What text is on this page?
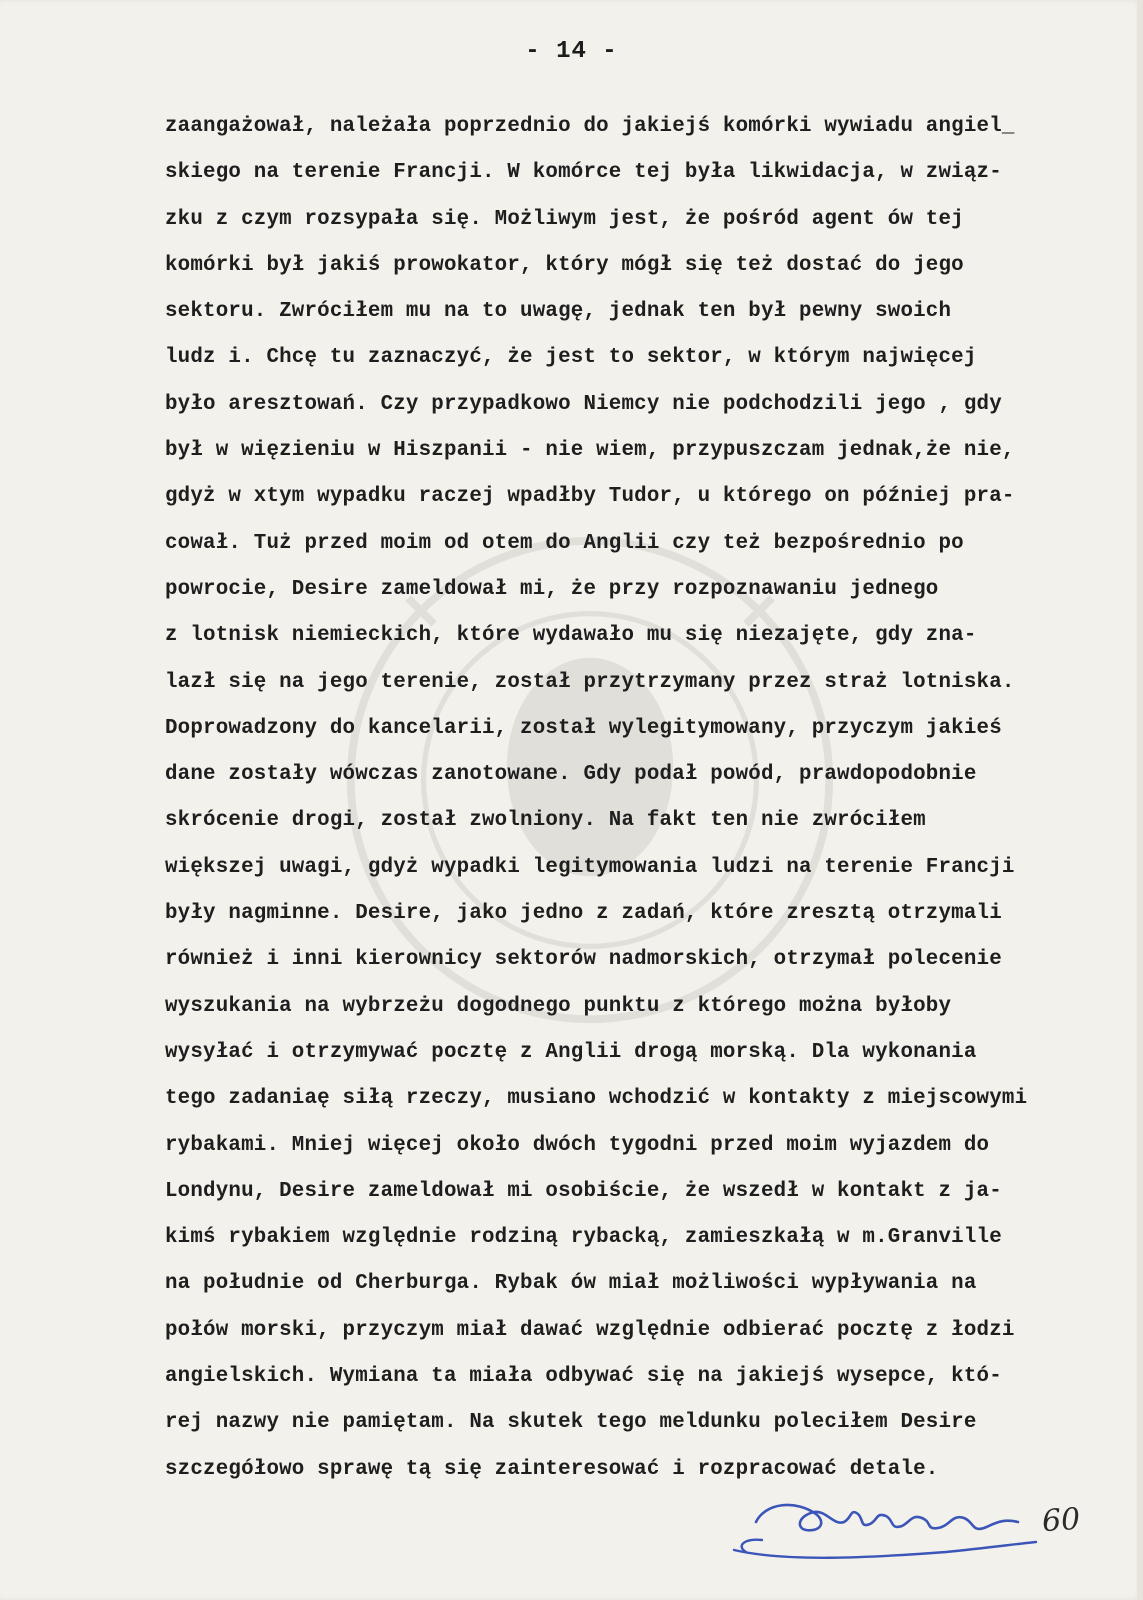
- 14 -
zaangażował, należała poprzednio do jakiejś komórki wywiadu angiel_
skiego na terenie Francji. W komórce tej była likwidacja, w związ-
zku z czym rozsypała się. Możliwym jest, że pośród agent ów tej
komórki był jakiś prowokator, który mógł się też dostać do jego
sektoru. Zwróciłem mu na to uwagę, jednak ten był pewny swoich
ludz i. Chcę tu zaznaczyć, że jest to sektor, w którym najwięcej
było aresztowań. Czy przypadkowo Niemcy nie podchodzili jego , gdy
był w więzieniu w Hiszpanii - nie wiem, przypuszczam jednak,że nie,
gdyż w xtym wypadku raczej wpadłby Tudor, u którego on później pra-
cował. Tuż przed moim od otem do Anglii czy też bezpośrednio po
powrocie, Desire zameldował mi, że przy rozpoznawaniu jednego
z lotnisk niemieckich, które wydawało mu się niezajęte, gdy zna-
lazł się na jego terenie, został przytrzymany przez straż lotniska.
Doprowadzony do kancelarii, został wylegitymowany, przyczym jakieś
dane zostały wówczas zanotowane. Gdy podał powód, prawdopodobnie
skrócenie drogi, został zwolniony. Na fakt ten nie zwróciłem
większej uwagi, gdyż wypadki legitymowania ludzi na terenie Francji
były nagminne. Desire, jako jedno z zadań, które zresztą otrzymali
również i inni kierownicy sektorów nadmorskich, otrzymał polecenie
wyszukania na wybrzeżu dogodnego punktu z którego można byłoby
wysyłać i otrzymywać pocztę z Anglii drogą morską. Dla wykonania
tego zadaniaę siłą rzeczy, musiano wchodzić w kontakty z miejscowymi
rybakami. Mniej więcej około dwóch tygodni przed moim wyjazdem do
Londynu, Desire zameldował mi osobiście, że wszedł w kontakt z ja-
kimś rybakiem względnie rodziną rybacką, zamieszkałą w m.Granville
na południe od Cherburga. Rybak ów miał możliwości wypływania na
połów morski, przyczym miał dawać względnie odbierać pocztę z łodzi
angielskich. Wymiana ta miała odbywać się na jakiejś wysepce, któ-
rej nazwy nie pamiętam. Na skutek tego meldunku poleciłem Desire
szczegółowo sprawę tą się zainteresować i rozpracować detale.
60
